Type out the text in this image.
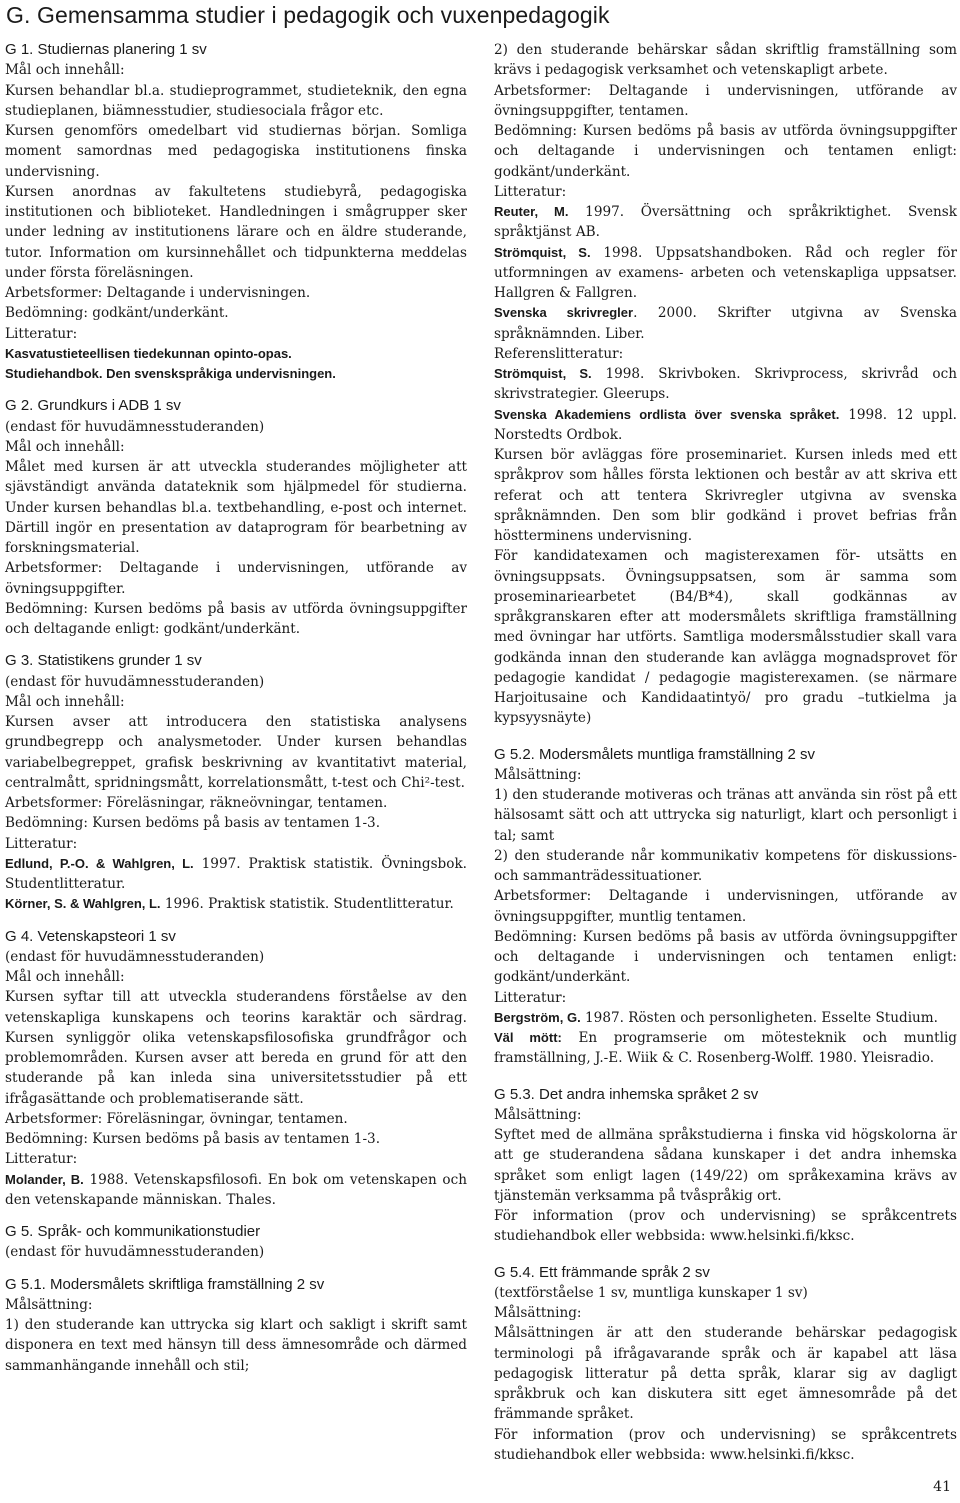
G. Gemensamma studier i pedagogik och vuxenpedagogik

G 1. Studiernas planering 1 sv

Mål och innehåll:

Kursen behandlar bl.a. studieprogrammet, studieteknik, den egna studieplanen, biämnesstudier, studiesociala frågor etc.

Kursen genomförs omedelbart vid studiernas början. Somliga moment samordnas med pedagogiska institutionens finska undervisning.

Kursen anordnas av fakultetens studiebyrå, pedagogiska institutionen och biblioteket. Handledningen i smågrupper sker under ledning av institutionens lärare och en äldre studerande, tutor. Information om kursinnehållet och tidpunkterna meddelas under första föreläsningen.

Arbetsformer: Deltagande i undervisningen.

Bedömning: godkänt/underkänt.

Litteratur:

Kasvatustieteellisen tiedekunnan opinto-opas.

Studiehandbok. Den svenskspråkiga undervisningen.

G 2. Grundkurs i ADB 1 sv

(endast för huvudämnesstuderanden)

Mål och innehåll:

Målet med kursen är att utveckla studerandes möjligheter att sjävständigt använda datateknik som hjälpmedel för studierna. Under kursen behandlas bl.a. textbehandling, e-post och internet. Därtill ingör en presentation av dataprogram för bearbetning av forskningsmaterial.

Arbetsformer: Deltagande i undervisningen, utförande av övningsuppgifter.

Bedömning: Kursen bedöms på basis av utförda övningsuppgifter och deltagande enligt: godkänt/underkänt.

G 3. Statistikens grunder 1 sv

(endast för huvudämnesstuderanden)

Mål och innehåll:

Kursen avser att introducera den statistiska analysens grundbegrepp och analysmetoder. Under kursen behandlas variabelbegreppet, grafisk beskrivning av kvantitativt material, centralmått, spridningsmått, korrelationsmått, t-test och Chi²-test.

Arbetsformer: Föreläsningar, räkneövningar, tentamen.

Bedömning: Kursen bedöms på basis av tentamen 1-3.

Litteratur:

Edlund, P.-O. & Wahlgren, L. 1997. Praktisk statistik. Övningsbok. Studentlitteratur.

Körner, S. & Wahlgren, L. 1996. Praktisk statistik. Studentlitteratur.

G 4. Vetenskapsteori 1 sv

(endast för huvudämnesstuderanden)

Mål och innehåll:

Kursen syftar till att utveckla studerandens förståelse av den vetenskapliga kunskapens och teorins karaktär och särdrag. Kursen synliggör olika vetenskapsfilosofiska grundfrågor och problemområden. Kursen avser att bereda en grund för att den studerande på kan inleda sina universitetsstudier på ett ifrågasättande och problematiserande sätt.

Arbetsformer: Föreläsningar, övningar, tentamen.

Bedömning: Kursen bedöms på basis av tentamen 1-3.

Litteratur:

Molander, B. 1988. Vetenskapsfilosofi. En bok om vetenskapen och den vetenskapande människan. Thales.

G 5. Språk- och kommunikationstudier

(endast för huvudämnesstuderanden)

G 5.1. Modersmålets skriftliga framställning 2 sv

Målsättning:

1) den studerande kan uttrycka sig klart och sakligt i skrift samt disponera en text med hänsyn till dess ämnesområde och därmed sammanhängande innehåll och stil;

2) den studerande behärskar sådan skriftlig framställning som krävs i pedagogisk verksamhet och vetenskapligt arbete.

Arbetsformer: Deltagande i undervisningen, utförande av övningsuppgifter, tentamen.

Bedömning: Kursen bedöms på basis av utförda övningsuppgifter och deltagande i undervisningen och tentamen enligt: godkänt/underkänt.

Litteratur:

Reuter, M. 1997. Översättning och språkriktighet. Svensk språktjänst AB.

Strömquist, S. 1998. Uppsatshandboken. Råd och regler för utformningen av examens- arbeten och vetenskapliga uppsatser. Hallgren & Fallgren.

Svenska skrivregler. 2000. Skrifter utgivna av Svenska språknämnden. Liber.

Referenslitteratur:

Strömquist, S. 1998. Skrivboken. Skrivprocess, skrivråd och skrivstrategier. Gleerups.

Svenska Akademiens ordlista över svenska språket. 1998. 12 uppl. Norstedts Ordbok.

Kursen bör avläggas före proseminariet. Kursen inleds med ett språkprov som hålles första lektionen och består av att skriva ett referat och att tentera Skrivregler utgivna av svenska språknämnden. Den som blir godkänd i provet befrias från höstterminens undervisning.

För kandidatexamen och magisterexamen för- utsätts en övningsuppsats. Övningsuppsatsen, som är samma som proseminariearbetet (B4/B*4), skall godkännas av språkgranskaren efter att modersmålets skriftliga framställning med övningar har utförts. Samtliga modersmålsstudier skall vara godkända innan den studerande kan avlägga mognadsprovet för pedagogie kandidat / pedagogie magisterexamen. (se närmare Harjoitusaine och Kandidaatintyö/ pro gradu –tutkielma ja kypsyysnäyte)

G 5.2. Modersmålets muntliga framställning 2 sv

Målsättning:

1) den studerande motiveras och tränas att använda sin röst på ett hälsosamt sätt och att uttrycka sig naturligt, klart och personligt i tal; samt

2) den studerande når kommunikativ kompetens för diskussions- och sammanträdessituationer.

Arbetsformer: Deltagande i undervisningen, utförande av övningsuppgifter, muntlig tentamen.

Bedömning: Kursen bedöms på basis av utförda övningsuppgifter och deltagande i undervisningen och tentamen enligt: godkänt/underkänt.

Litteratur:

Bergström, G. 1987. Rösten och personligheten. Esselte Studium.

Väl mött: En programserie om mötesteknik och muntlig framställning, J.-E. Wiik & C. Rosenberg-Wolff. 1980. Yleisradio.

G 5.3. Det andra inhemska språket 2 sv

Målsättning:

Syftet med de allmäna språkstudierna i finska vid högskolorna är att ge studerandena sådana kunskaper i det andra inhemska språket som enligt lagen (149/22) om språkexamina krävs av tjänstemän verksamma på tvåspråkig ort.

För information (prov och undervisning) se språkcentrets studiehandbok eller webbsida: www.helsinki.fi/kksc.

G 5.4. Ett främmande språk 2 sv

(textförståelse 1 sv, muntliga kunskaper 1 sv)

Målsättning:

Målsättningen är att den studerande behärskar pedagogisk terminologi på ifrågavarande språk och är kapabel att läsa pedagogisk litteratur på detta språk, klarar sig av dagligt språkbruk och kan diskutera sitt eget ämnesområde på det främmande språket.

För information (prov och undervisning) se språkcentrets studiehandbok eller webbsida: www.helsinki.fi/kksc.

41
